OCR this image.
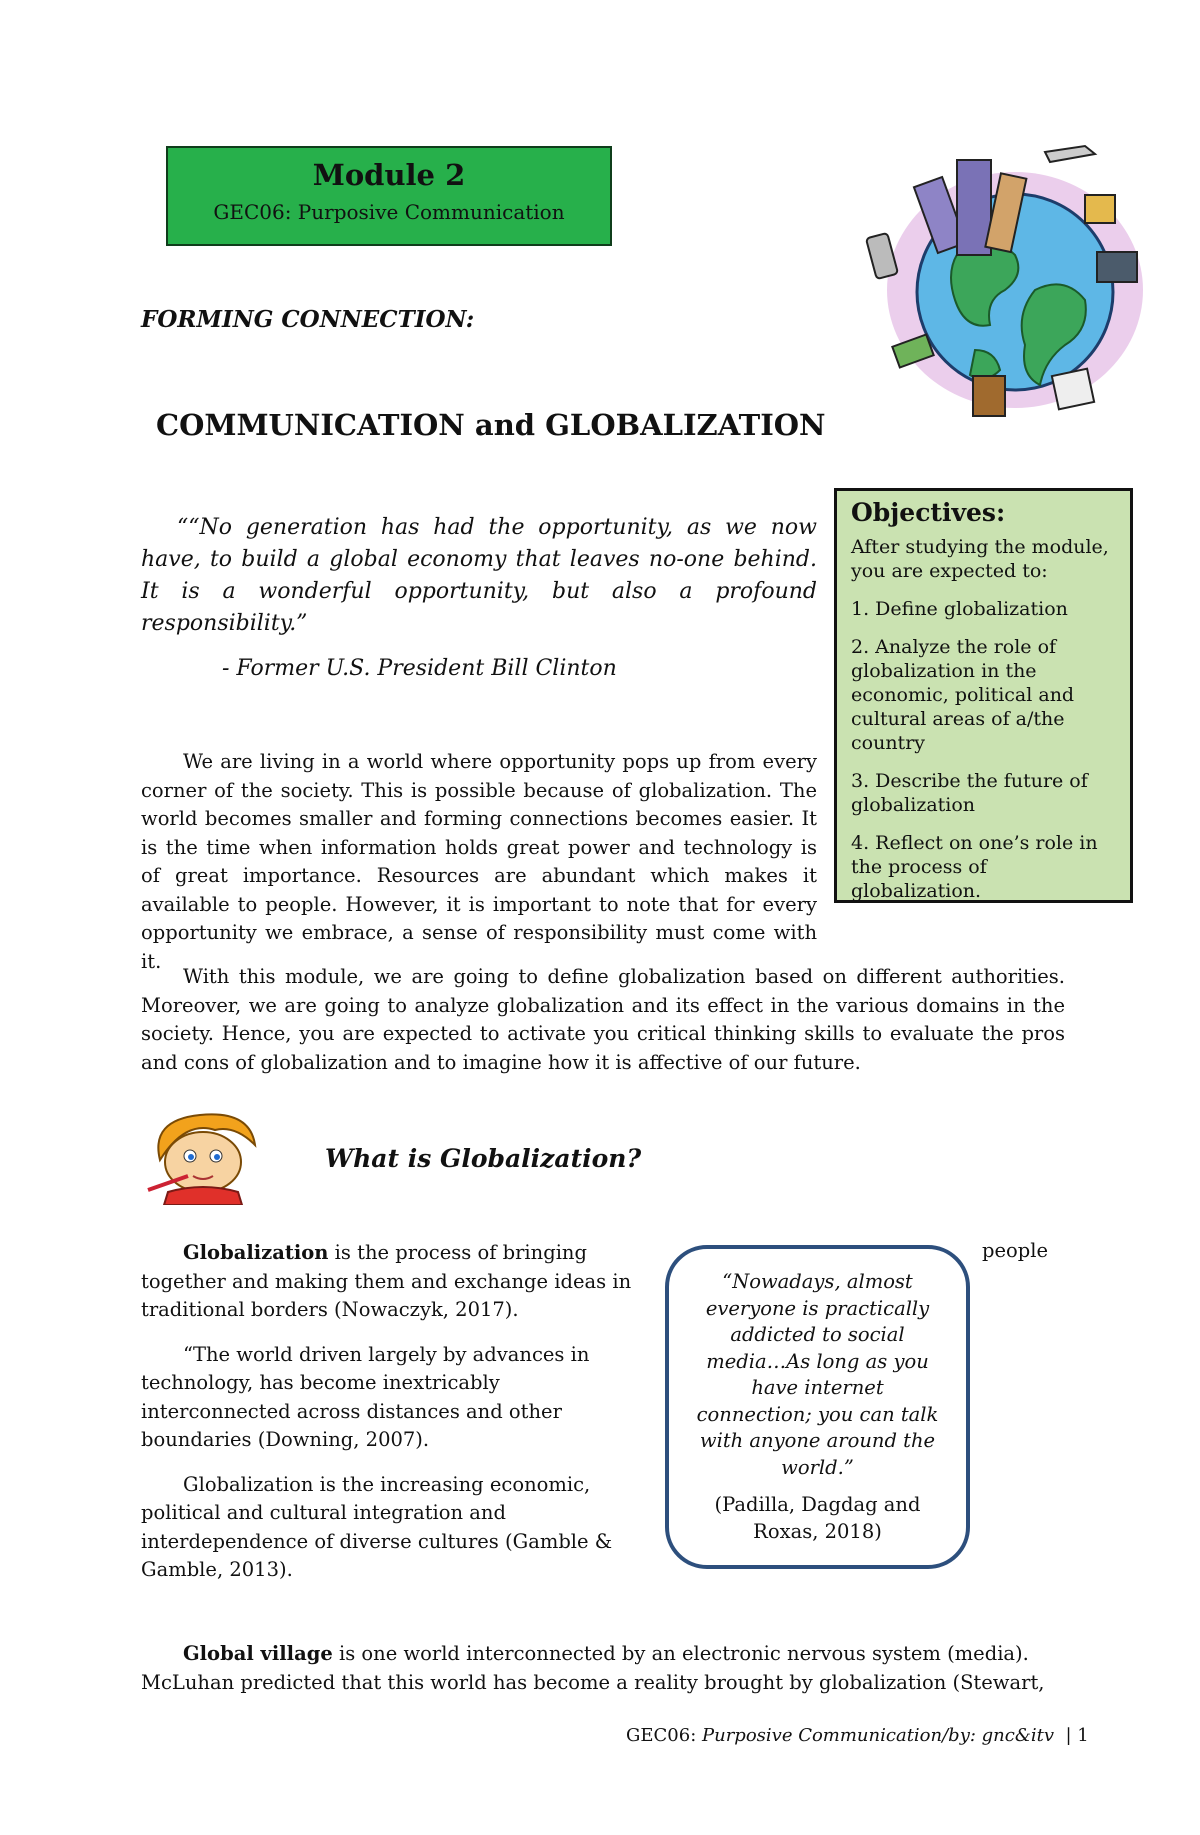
Module 2
GEC06: Purposive Communication
FORMING CONNECTION:
COMMUNICATION and GLOBALIZATION

““No generation has had the opportunity, as we now have, to build a global economy that leaves no-one behind. It is a wonderful opportunity, but also a profound responsibility.”

- Former U.S. President Bill Clinton
Objectives:
After studying the module, you are expected to:
1. Define globalization
2. Analyze the role of globalization in the economic, political and cultural areas of a/the country
3. Describe the future of globalization
4. Reflect on one’s role in the process of globalization.

We are living in a world where opportunity pops up from every corner of the society. This is possible because of globalization. The world becomes smaller and forming connections becomes easier. It is the time when information holds great power and technology is of great importance. Resources are abundant which makes it available to people. However, it is important to note that for every opportunity we embrace, a sense of responsibility must come with it.

With this module, we are going to define globalization based on different authorities. Moreover, we are going to analyze globalization and its effect in the various domains in the society. Hence, you are expected to activate you critical thinking skills to evaluate the pros and cons of globalization and to imagine how it is affective of our future.

What is Globalization?

Globalization is the process of bringing together and making them and exchange ideas in traditional borders (Nowaczyk, 2017).

“The world driven largely by advances in technology, has become inextricably interconnected across distances and other boundaries (Downing, 2007).

Globalization is the increasing economic, political and cultural integration and interdependence of diverse cultures (Gamble & Gamble, 2013).

people
“Nowadays, almost everyone is practically addicted to social media…As long as you have internet connection; you can talk with anyone around the world.”
(Padilla, Dagdag and Roxas, 2018)

Global village is one world interconnected by an electronic nervous system (media). McLuhan predicted that this world has become a reality brought by globalization (Stewart,

GEC06: Purposive Communication/by: gnc&itv  | 1
